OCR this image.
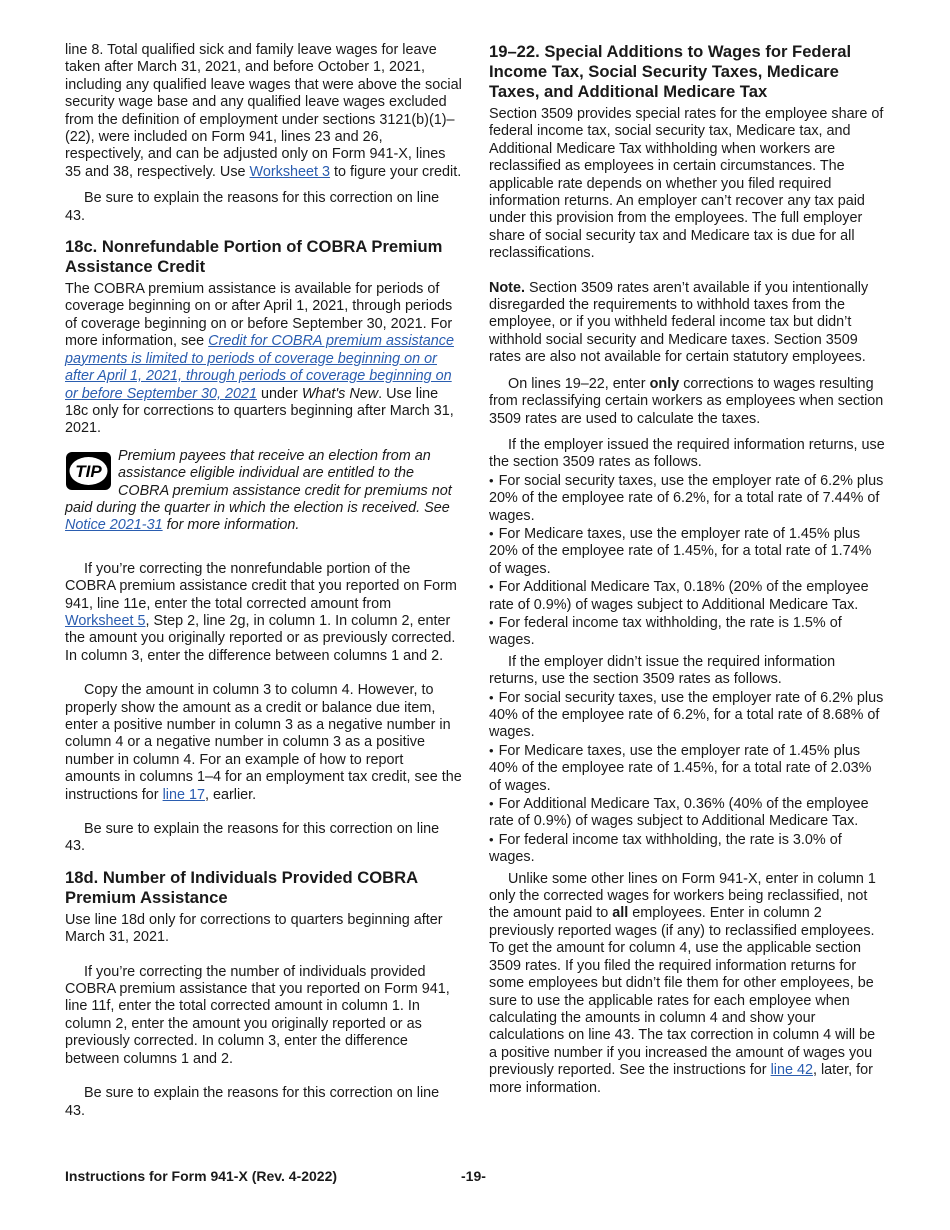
line 8. Total qualified sick and family leave wages for leave taken after March 31, 2021, and before October 1, 2021, including any qualified leave wages that were above the social security wage base and any qualified leave wages excluded from the definition of employment under sections 3121(b)(1)–(22), were included on Form 941, lines 23 and 26, respectively, and can be adjusted only on Form 941-X, lines 35 and 38, respectively. Use Worksheet 3 to figure your credit.

Be sure to explain the reasons for this correction on line 43.

18c. Nonrefundable Portion of COBRA Premium Assistance Credit

The COBRA premium assistance is available for periods of coverage beginning on or after April 1, 2021, through periods of coverage beginning on or before September 30, 2021. For more information, see Credit for COBRA premium assistance payments is limited to periods of coverage beginning on or after April 1, 2021, through periods of coverage beginning on or before September 30, 2021 under What's New. Use line 18c only for corrections to quarters beginning after March 31, 2021.

TIP
Premium payees that receive an election from an assistance eligible individual are entitled to the COBRA premium assistance credit for premiums not paid during the quarter in which the election is received. See Notice 2021-31 for more information.

If you’re correcting the nonrefundable portion of the COBRA premium assistance credit that you reported on Form 941, line 11e, enter the total corrected amount from Worksheet 5, Step 2, line 2g, in column 1. In column 2, enter the amount you originally reported or as previously corrected. In column 3, enter the difference between columns 1 and 2.

Copy the amount in column 3 to column 4. However, to properly show the amount as a credit or balance due item, enter a positive number in column 3 as a negative number in column 4 or a negative number in column 3 as a positive number in column 4. For an example of how to report amounts in columns 1–4 for an employment tax credit, see the instructions for line 17, earlier.

Be sure to explain the reasons for this correction on line 43.

18d. Number of Individuals Provided COBRA Premium Assistance

Use line 18d only for corrections to quarters beginning after March 31, 2021.

If you’re correcting the number of individuals provided COBRA premium assistance that you reported on Form 941, line 11f, enter the total corrected amount in column 1. In column 2, enter the amount you originally reported or as previously corrected. In column 3, enter the difference between columns 1 and 2.

Be sure to explain the reasons for this correction on line 43.

19–22. Special Additions to Wages for Federal Income Tax, Social Security Taxes, Medicare Taxes, and Additional Medicare Tax

Section 3509 provides special rates for the employee share of federal income tax, social security tax, Medicare tax, and Additional Medicare Tax withholding when workers are reclassified as employees in certain circumstances. The applicable rate depends on whether you filed required information returns. An employer can’t recover any tax paid under this provision from the employees. The full employer share of social security tax and Medicare tax is due for all reclassifications.

Note. Section 3509 rates aren’t available if you intentionally disregarded the requirements to withhold taxes from the employee, or if you withheld federal income tax but didn’t withhold social security and Medicare taxes. Section 3509 rates are also not available for certain statutory employees.

On lines 19–22, enter only corrections to wages resulting from reclassifying certain workers as employees when section 3509 rates are used to calculate the taxes.

If the employer issued the required information returns, use the section 3509 rates as follows.

• For social security taxes, use the employer rate of 6.2% plus 20% of the employee rate of 6.2%, for a total rate of 7.44% of wages.
• For Medicare taxes, use the employer rate of 1.45% plus 20% of the employee rate of 1.45%, for a total rate of 1.74% of wages.
• For Additional Medicare Tax, 0.18% (20% of the employee rate of 0.9%) of wages subject to Additional Medicare Tax.
• For federal income tax withholding, the rate is 1.5% of wages.

If the employer didn’t issue the required information returns, use the section 3509 rates as follows.

• For social security taxes, use the employer rate of 6.2% plus 40% of the employee rate of 6.2%, for a total rate of 8.68% of wages.
• For Medicare taxes, use the employer rate of 1.45% plus 40% of the employee rate of 1.45%, for a total rate of 2.03% of wages.
• For Additional Medicare Tax, 0.36% (40% of the employee rate of 0.9%) of wages subject to Additional Medicare Tax.
• For federal income tax withholding, the rate is 3.0% of wages.

Unlike some other lines on Form 941-X, enter in column 1 only the corrected wages for workers being reclassified, not the amount paid to all employees. Enter in column 2 previously reported wages (if any) to reclassified employees. To get the amount for column 4, use the applicable section 3509 rates. If you filed the required information returns for some employees but didn’t file them for other employees, be sure to use the applicable rates for each employee when calculating the amounts in column 4 and show your calculations on line 43. The tax correction in column 4 will be a positive number if you increased the amount of wages you previously reported. See the instructions for line 42, later, for more information.

Instructions for Form 941-X (Rev. 4-2022)	-19-
